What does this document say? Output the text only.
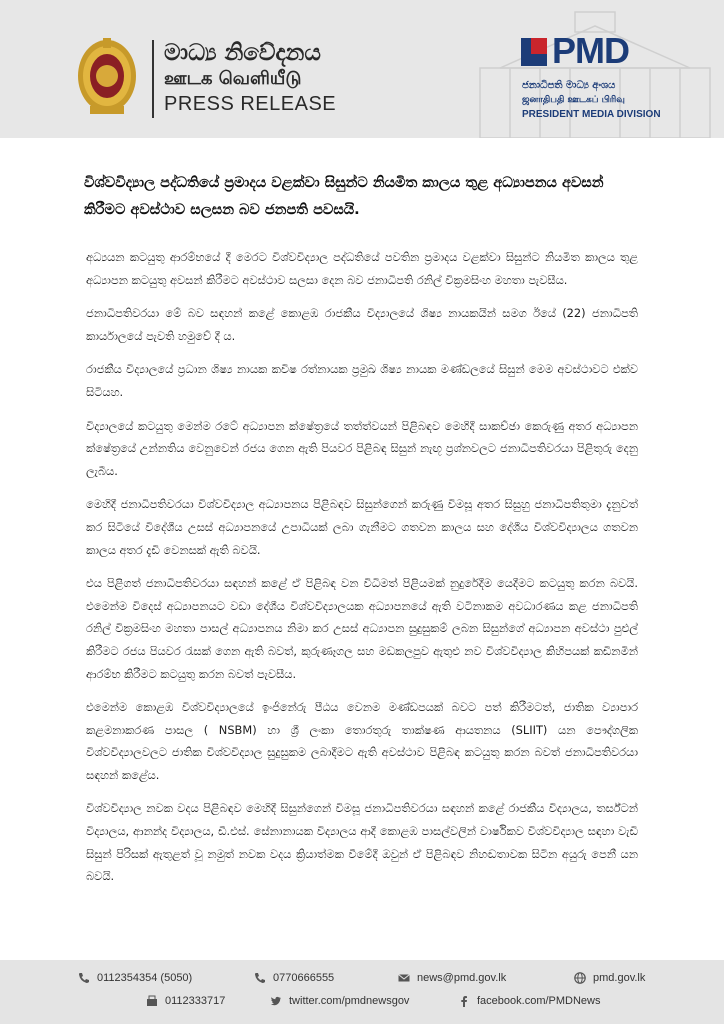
මාධ්‍ය නිවේදනය
ஊடக வெளியீடு
PRESS RELEASE
PMD
ජනාධිපති මාධ්‍ය අංශය
ஜனாதிபதி ஊடகப் பிரிவு
PRESIDENT MEDIA DIVISION
විශ්වවිද්‍යාල පද්ධතියේ ප්‍රමාදය වළක්වා සිසුන්ට නියමිත කාලය තුළ අධ්‍යාපනය අවසන් කිරීමට අවස්ථාව සලසන බව ජනපති පවසයි.

අධ්‍යයන කටයුතු ආරම්භයේ දී මෙරට විශ්වවිද්‍යාල පද්ධතියේ පවතින ප්‍රමාදය වළක්වා සිසුන්ට නියමිත කාලය තුළ අධ්‍යාපන කටයුතු අවසන් කිරීමට අවස්ථාව සලසා දෙන බව ජනාධිපති රනිල් වික්‍රමසිංහ මහතා පැවසීය.

ජනාධිපතිවරයා මේ බව සඳහන් කළේ කොළඹ රාජකීය විද්‍යාලයේ ශිෂ්‍ය නායකයින් සමග ඊයේ (22) ජනාධිපති කාර්යාලයේ පැවති හමුවේ දී ය.

රාජකීය විද්‍යාලයේ ප්‍රධාන ශිෂ්‍ය නායක කවිෂ රත්නායක ප්‍රමුඛ ශිෂ්‍ය නායක මණ්ඩලයේ සිසුන් මෙම අවස්ථාවට එක්ව සිටියහ.

විද්‍යාලයේ කටයුතු මෙන්ම රටේ අධ්‍යාපන ක්ෂේත්‍රයේ තත්ත්වයන් පිළිබඳව මෙහිදී සාකච්ඡා කෙරුණු අතර අධ්‍යාපන ක්ෂේත්‍රයේ උන්නතිය වෙනුවෙන් රජය ගෙන ඇති පියවර පිළිබඳ සිසුන් නැඟූ ප්‍රශ්නවලට ජනාධිපතිවරයා පිළිතුරු දෙනු ලැබීය.

මෙහිදී ජනාධිපතිවරයා විශ්වවිද්‍යාල අධ්‍යාපනය පිළිබඳව සිසුන්ගෙන් කරුණු විමසූ අතර සිසුහු ජනාධිපතිතුමා දැනුවත් කර සිටියේ විදේශීය උසස් අධ්‍යාපනයේ උපාධියක් ලබා ගැනීමට ගතවන කාලය සහ දේශීය විශ්වවිද්‍යාලය ගතවන කාලය අතර දැඩි වෙනසක් ඇති බවයි.

එය පිළිගත් ජනාධිපතිවරයා සඳහන් කළේ ඒ පිළිබඳ වන විධිමත් පිළියමක් නුදුරේදීම යෙදීමට කටයුතු කරන බවයි. එමෙන්ම විදෙස් අධ්‍යාපනයට වඩා දේශීය විශ්වවිද්‍යාලයක අධ්‍යාපනයේ ඇති වටිනාකම අවධාරණය කළ ජනාධිපති රනිල් වික්‍රමසිංහ මහතා පාසල් අධ්‍යාපනය නිමා කර උසස් අධ්‍යාපන සුදුසුකම් ලබන සිසුන්ගේ අධ්‍යාපන අවස්ථා පුළුල් කිරීමට රජය පියවර රැසක් ගෙන ඇති බවත්, කුරුණෑගල සහ මඩකලපුව ඇතුළු නව විශ්වවිද්‍යාල කිහිපයක් කඩිනමින් ආරම්භ කිරීමට කටයුතු කරන බවත් පැවසීය.

එමෙන්ම කොළඹ විශ්වවිද්‍යාලයේ ඉංජිනේරු පීඨය වෙනම මණ්ඩපයක් බවට පත් කිරීමටත්, ජාතික ව්‍යාපාර කළමනාකරණ පාසල ( NSBM) හා ශ්‍රී ලංකා තොරතුරු තාක්ෂණ ආයතනය (SLIIT) යන පෞද්ගලික විශ්වවිද්‍යාලවලට ජාතික විශ්වවිද්‍යාල සුදුසුකම ලබාදීමට ඇති අවස්ථාව පිළිබඳ කටයුතු කරන බවත් ජනාධිපතිවරයා සඳහන් කළේය.

විශ්වවිද්‍යාල නවක වදය පිළිබඳව මෙහිදී සිසුන්ගෙන් විමසූ ජනාධිපතිවරයා සඳහන් කළේ රාජකීය විද්‍යාලය, තර්ස්ටන් විද්‍යාලය, ආනන්ද විද්‍යාලය, ඩී.එස්. සේනානායක විද්‍යාලය ආදී කොළඹ පාසල්වලින් වාර්ෂිකව විශ්වවිද්‍යාල සඳහා වැඩි සිසුන් පිරිසක් ඇතුළත් වූ නමුත් නවක වදය ක්‍රියාත්මක වීමේදී ඔවුන් ඒ පිළිබඳව නිහඬතාවක සිටින අයුරු පෙනී යන බවයි.

0112354354 (5050)	0770666555	news@pmd.gov.lk	pmd.gov.lk
0112333717	twitter.com/pmdnewsgov	facebook.com/PMDNews
